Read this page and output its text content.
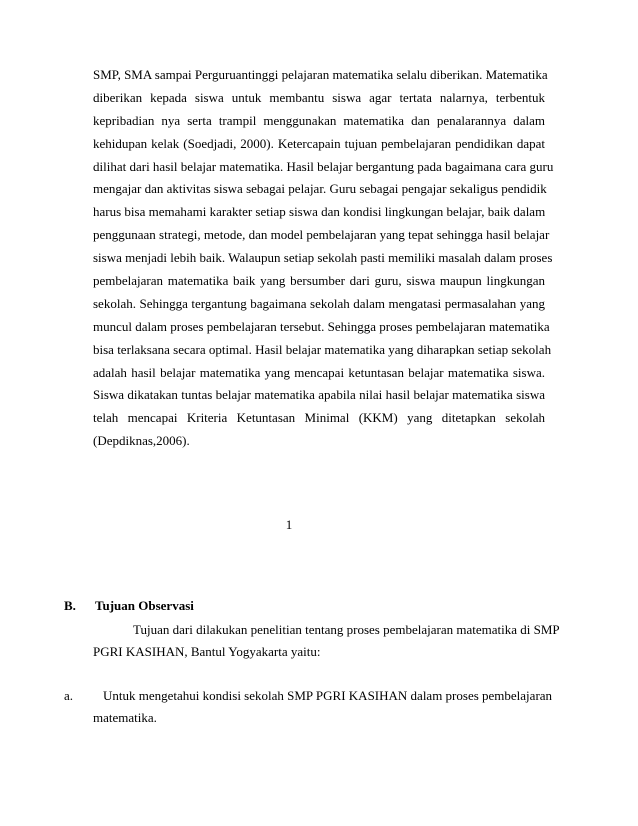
SMP, SMA sampai Perguruantinggi pelajaran matematika selalu diberikan. Matematika
diberikan kepada siswa untuk membantu siswa agar tertata nalarnya, terbentuk
kepribadian nya serta trampil menggunakan matematika dan penalarannya dalam
kehidupan kelak (Soedjadi, 2000). Ketercapain tujuan pembelajaran pendidikan dapat
dilihat dari hasil belajar matematika. Hasil belajar bergantung pada bagaimana cara guru
mengajar dan aktivitas siswa sebagai pelajar. Guru sebagai pengajar sekaligus pendidik
harus bisa memahami karakter setiap siswa dan kondisi lingkungan belajar, baik dalam
penggunaan strategi, metode, dan model pembelajaran yang tepat sehingga hasil belajar
siswa menjadi lebih baik. Walaupun setiap sekolah pasti memiliki masalah dalam proses
pembelajaran matematika baik yang bersumber dari guru, siswa maupun lingkungan
sekolah. Sehingga tergantung bagaimana sekolah dalam mengatasi permasalahan yang
muncul dalam proses pembelajaran tersebut. Sehingga proses pembelajaran matematika
bisa terlaksana secara optimal. Hasil belajar matematika yang diharapkan setiap sekolah
adalah hasil belajar matematika yang mencapai ketuntasan belajar matematika siswa.
Siswa dikatakan tuntas belajar matematika apabila nilai hasil belajar matematika siswa
telah mencapai Kriteria Ketuntasan Minimal (KKM) yang ditetapkan sekolah
(Depdiknas,2006).
1
B. Tujuan Observasi
Tujuan dari dilakukan penelitian tentang proses pembelajaran matematika di SMP
PGRI KASIHAN, Bantul Yogyakarta yaitu:
a.	Untuk mengetahui kondisi sekolah SMP PGRI KASIHAN dalam proses pembelajaran
matematika.
